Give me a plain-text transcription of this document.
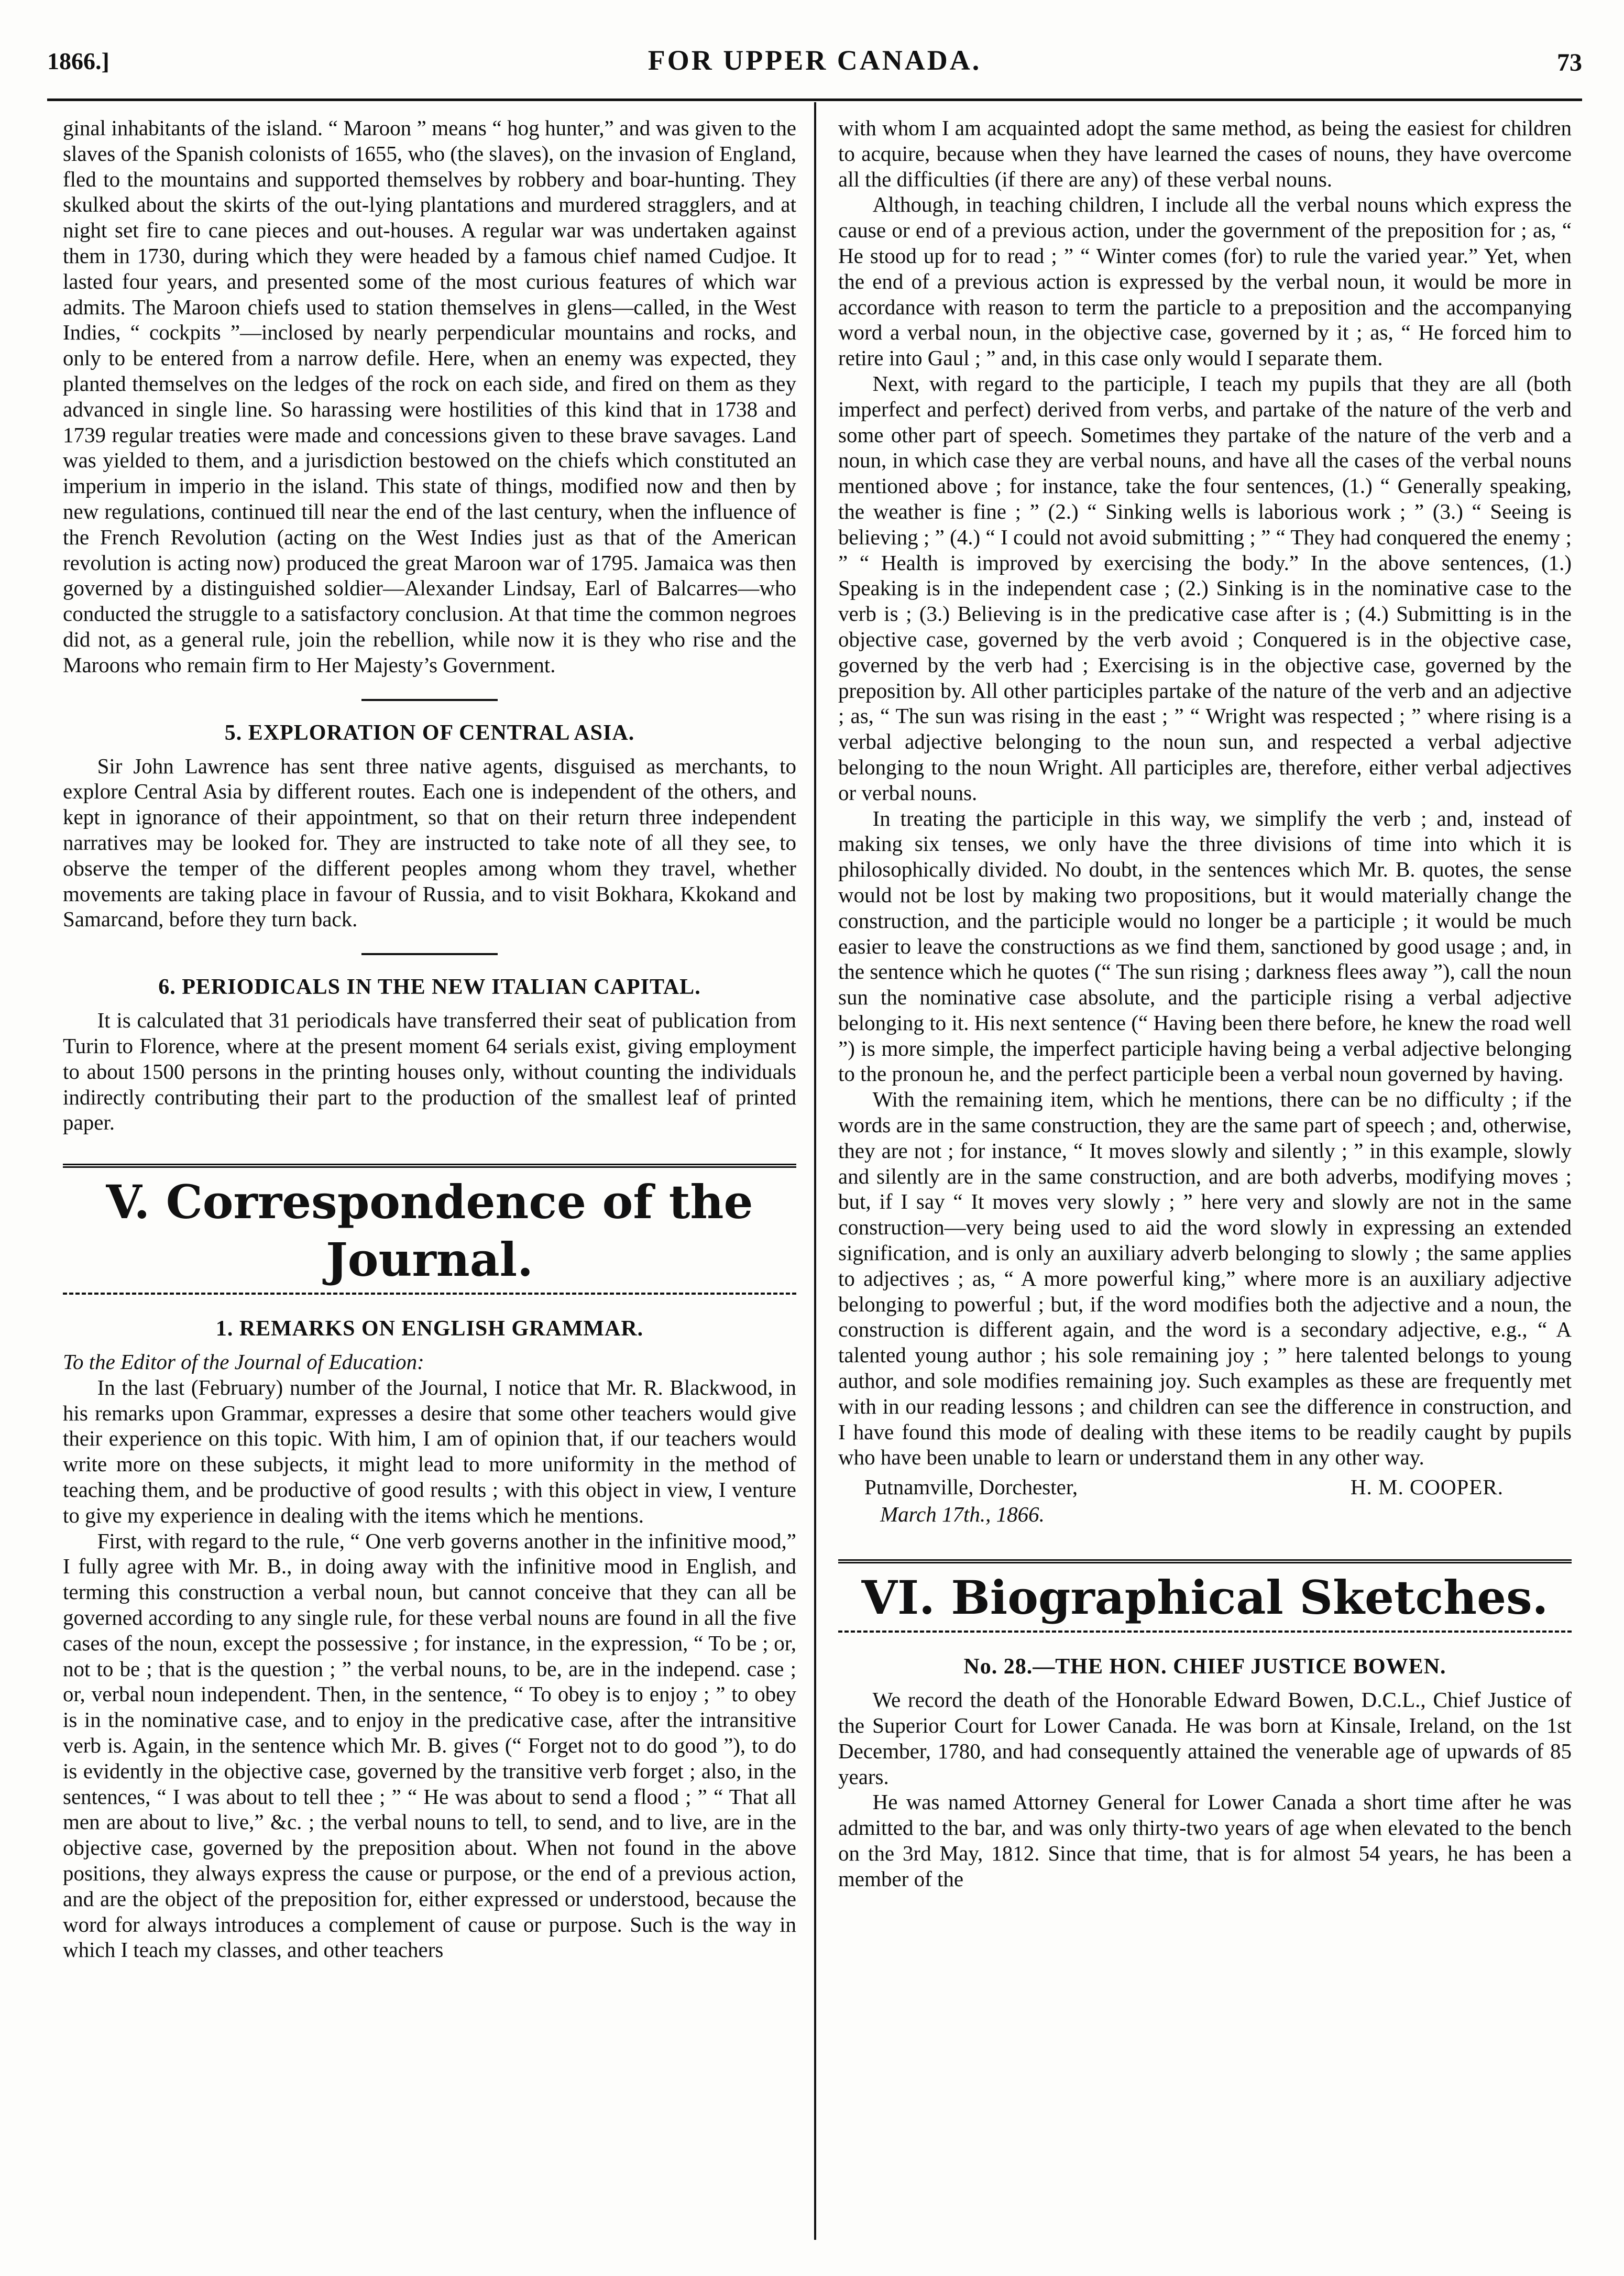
1866.]	FOR UPPER CANADA.	73

ginal inhabitants of the island. “ Maroon ” means “ hog hunter,” and was given to the slaves of the Spanish colonists of 1655, who (the slaves), on the invasion of England, fled to the mountains and supported themselves by robbery and boar-hunting. They skulked about the skirts of the out-lying plantations and murdered stragglers, and at night set fire to cane pieces and out-houses. A regular war was undertaken against them in 1730, during which they were headed by a famous chief named Cudjoe. It lasted four years, and presented some of the most curious features of which war admits. The Maroon chiefs used to station themselves in glens—called, in the West Indies, “ cockpits ”—inclosed by nearly perpendicular mountains and rocks, and only to be entered from a narrow defile. Here, when an enemy was expected, they planted themselves on the ledges of the rock on each side, and fired on them as they advanced in single line. So harassing were hostilities of this kind that in 1738 and 1739 regular treaties were made and concessions given to these brave savages. Land was yielded to them, and a jurisdiction bestowed on the chiefs which constituted an imperium in imperio in the island. This state of things, modified now and then by new regulations, continued till near the end of the last century, when the influence of the French Revolution (acting on the West Indies just as that of the American revolution is acting now) produced the great Maroon war of 1795. Jamaica was then governed by a distinguished soldier—Alexander Lindsay, Earl of Balcarres—who conducted the struggle to a satisfactory conclusion. At that time the common negroes did not, as a general rule, join the rebellion, while now it is they who rise and the Maroons who remain firm to Her Majesty’s Government.

5. EXPLORATION OF CENTRAL ASIA.

Sir John Lawrence has sent three native agents, disguised as merchants, to explore Central Asia by different routes. Each one is independent of the others, and kept in ignorance of their appointment, so that on their return three independent narratives may be looked for. They are instructed to take note of all they see, to observe the temper of the different peoples among whom they travel, whether movements are taking place in favour of Russia, and to visit Bokhara, Kkokand and Samarcand, before they turn back.

6. PERIODICALS IN THE NEW ITALIAN CAPITAL.

It is calculated that 31 periodicals have transferred their seat of publication from Turin to Florence, where at the present moment 64 serials exist, giving employment to about 1500 persons in the printing houses only, without counting the individuals indirectly contributing their part to the production of the smallest leaf of printed paper.

V. Correspondence of the Journal.
1. REMARKS ON ENGLISH GRAMMAR.

To the Editor of the Journal of Education:

In the last (February) number of the Journal, I notice that Mr. R. Blackwood, in his remarks upon Grammar, expresses a desire that some other teachers would give their experience on this topic. With him, I am of opinion that, if our teachers would write more on these subjects, it might lead to more uniformity in the method of teaching them, and be productive of good results ; with this object in view, I venture to give my experience in dealing with the items which he mentions.

First, with regard to the rule, “ One verb governs another in the infinitive mood,” I fully agree with Mr. B., in doing away with the infinitive mood in English, and terming this construction a verbal noun, but cannot conceive that they can all be governed according to any single rule, for these verbal nouns are found in all the five cases of the noun, except the possessive ; for instance, in the expression, “ To be ; or, not to be ; that is the question ; ” the verbal nouns, to be, are in the independ. case ; or, verbal noun independent. Then, in the sentence, “ To obey is to enjoy ; ” to obey is in the nominative case, and to enjoy in the predicative case, after the intransitive verb is. Again, in the sentence which Mr. B. gives (“ Forget not to do good ”), to do is evidently in the objective case, governed by the transitive verb forget ; also, in the sentences, “ I was about to tell thee ; ” “ He was about to send a flood ; ” “ That all men are about to live,” &c. ; the verbal nouns to tell, to send, and to live, are in the objective case, governed by the preposition about. When not found in the above positions, they always express the cause or purpose, or the end of a previous action, and are the object of the preposition for, either expressed or understood, because the word for always introduces a complement of cause or purpose. Such is the way in which I teach my classes, and other teachers

with whom I am acquainted adopt the same method, as being the easiest for children to acquire, because when they have learned the cases of nouns, they have overcome all the difficulties (if there are any) of these verbal nouns.

Although, in teaching children, I include all the verbal nouns which express the cause or end of a previous action, under the government of the preposition for ; as, “ He stood up for to read ; ” “ Winter comes (for) to rule the varied year.” Yet, when the end of a previous action is expressed by the verbal noun, it would be more in accordance with reason to term the particle to a preposition and the accompanying word a verbal noun, in the objective case, governed by it ; as, “ He forced him to retire into Gaul ; ” and, in this case only would I separate them.

Next, with regard to the participle, I teach my pupils that they are all (both imperfect and perfect) derived from verbs, and partake of the nature of the verb and some other part of speech. Sometimes they partake of the nature of the verb and a noun, in which case they are verbal nouns, and have all the cases of the verbal nouns mentioned above ; for instance, take the four sentences, (1.) “ Generally speaking, the weather is fine ; ” (2.) “ Sinking wells is laborious work ; ” (3.) “ Seeing is believing ; ” (4.) “ I could not avoid submitting ; ” “ They had conquered the enemy ; ” “ Health is improved by exercising the body.” In the above sentences, (1.) Speaking is in the independent case ; (2.) Sinking is in the nominative case to the verb is ; (3.) Believing is in the predicative case after is ; (4.) Submitting is in the objective case, governed by the verb avoid ; Conquered is in the objective case, governed by the verb had ; Exercising is in the objective case, governed by the preposition by. All other participles partake of the nature of the verb and an adjective ; as, “ The sun was rising in the east ; ” “ Wright was respected ; ” where rising is a verbal adjective belonging to the noun sun, and respected a verbal adjective belonging to the noun Wright. All participles are, therefore, either verbal adjectives or verbal nouns.

In treating the participle in this way, we simplify the verb ; and, instead of making six tenses, we only have the three divisions of time into which it is philosophically divided. No doubt, in the sentences which Mr. B. quotes, the sense would not be lost by making two propositions, but it would materially change the construction, and the participle would no longer be a participle ; it would be much easier to leave the constructions as we find them, sanctioned by good usage ; and, in the sentence which he quotes (“ The sun rising ; darkness flees away ”), call the noun sun the nominative case absolute, and the participle rising a verbal adjective belonging to it. His next sentence (“ Having been there before, he knew the road well ”) is more simple, the imperfect participle having being a verbal adjective belonging to the pronoun he, and the perfect participle been a verbal noun governed by having.

With the remaining item, which he mentions, there can be no difficulty ; if the words are in the same construction, they are the same part of speech ; and, otherwise, they are not ; for instance, “ It moves slowly and silently ; ” in this example, slowly and silently are in the same construction, and are both adverbs, modifying moves ; but, if I say “ It moves very slowly ; ” here very and slowly are not in the same construction—very being used to aid the word slowly in expressing an extended signification, and is only an auxiliary adverb belonging to slowly ; the same applies to adjectives ; as, “ A more powerful king,” where more is an auxiliary adjective belonging to powerful ; but, if the word modifies both the adjective and a noun, the construction is different again, and the word is a secondary adjective, e.g., “ A talented young author ; his sole remaining joy ; ” here talented belongs to young author, and sole modifies remaining joy. Such examples as these are frequently met with in our reading lessons ; and children can see the difference in construction, and I have found this mode of dealing with these items to be readily caught by pupils who have been unable to learn or understand them in any other way.

Putnamville, Dorchester,
March 17th., 1866.
H. M. COOPER.
VI. Biographical Sketches.
No. 28.—THE HON. CHIEF JUSTICE BOWEN.

We record the death of the Honorable Edward Bowen, D.C.L., Chief Justice of the Superior Court for Lower Canada. He was born at Kinsale, Ireland, on the 1st December, 1780, and had consequently attained the venerable age of upwards of 85 years.

He was named Attorney General for Lower Canada a short time after he was admitted to the bar, and was only thirty-two years of age when elevated to the bench on the 3rd May, 1812. Since that time, that is for almost 54 years, he has been a member of the
